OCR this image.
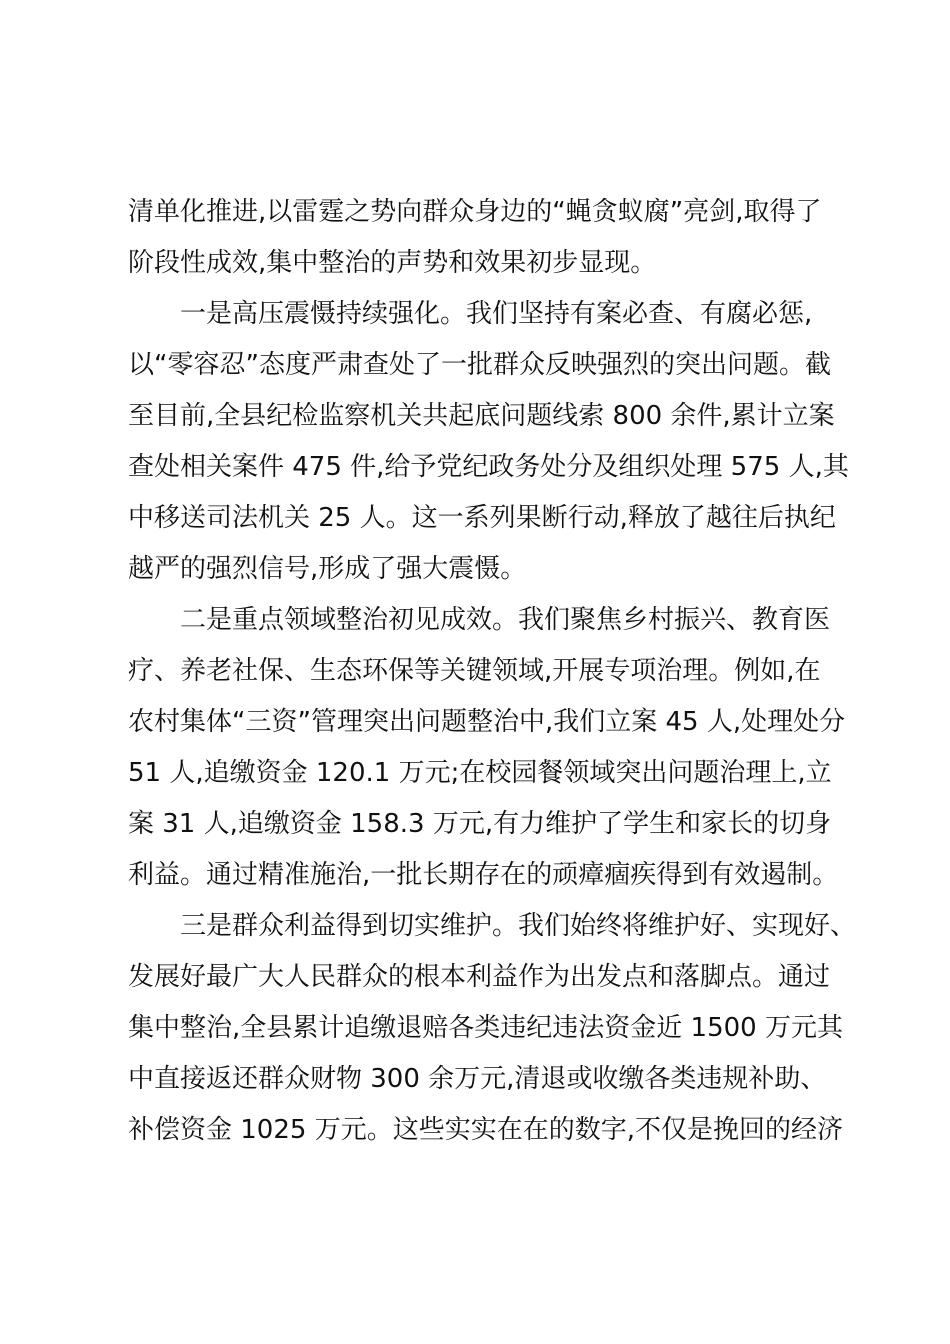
清单化推进,以雷霆之势向群众身边的“蝇贪蚁腐”亮剑,取得了
阶段性成效,集中整治的声势和效果初步显现。
　　一是高压震慑持续强化。我们坚持有案必查、有腐必惩,
以“零容忍”态度严肃查处了一批群众反映强烈的突出问题。截
至目前,全县纪检监察机关共起底问题线索 800 余件,累计立案
查处相关案件 475 件,给予党纪政务处分及组织处理 575 人,其
中移送司法机关 25 人。这一系列果断行动,释放了越往后执纪
越严的强烈信号,形成了强大震慑。
　　二是重点领域整治初见成效。我们聚焦乡村振兴、教育医
疗、养老社保、生态环保等关键领域,开展专项治理。例如,在
农村集体“三资”管理突出问题整治中,我们立案 45 人,处理处分
51 人,追缴资金 120.1 万元;在校园餐领域突出问题治理上,立
案 31 人,追缴资金 158.3 万元,有力维护了学生和家长的切身
利益。通过精准施治,一批长期存在的顽瘴痼疾得到有效遏制。
　　三是群众利益得到切实维护。我们始终将维护好、实现好、
发展好最广大人民群众的根本利益作为出发点和落脚点。通过
集中整治,全县累计追缴退赔各类违纪违法资金近 1500 万元其
中直接返还群众财物 300 余万元,清退或收缴各类违规补助、
补偿资金 1025 万元。这些实实在在的数字,不仅是挽回的经济
